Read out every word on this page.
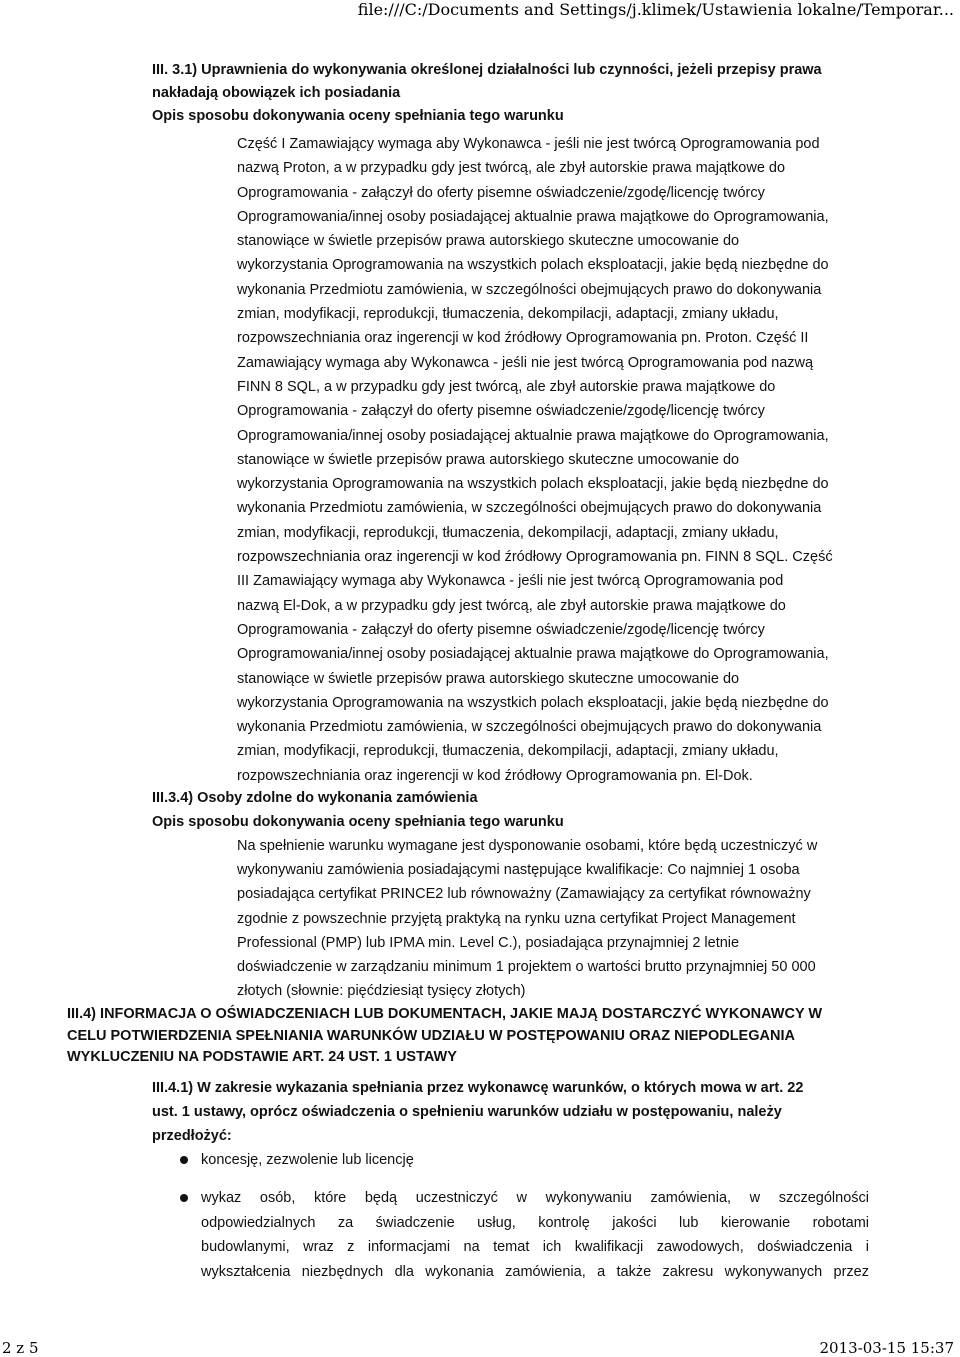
file:///C:/Documents and Settings/j.klimek/Ustawienia lokalne/Temporar...
III. 3.1) Uprawnienia do wykonywania określonej działalności lub czynności, jeżeli przepisy prawa
nakładają obowiązek ich posiadania
Opis sposobu dokonywania oceny spełniania tego warunku
Część I Zamawiający wymaga aby Wykonawca - jeśli nie jest twórcą Oprogramowania pod
nazwą Proton, a w przypadku gdy jest twórcą, ale zbył autorskie prawa majątkowe do
Oprogramowania - załączył do oferty pisemne oświadczenie/zgodę/licencję twórcy
Oprogramowania/innej osoby posiadającej aktualnie prawa majątkowe do Oprogramowania,
stanowiące w świetle przepisów prawa autorskiego skuteczne umocowanie do
wykorzystania Oprogramowania na wszystkich polach eksploatacji, jakie będą niezbędne do
wykonania Przedmiotu zamówienia, w szczególności obejmujących prawo do dokonywania
zmian, modyfikacji, reprodukcji, tłumaczenia, dekompilacji, adaptacji, zmiany układu,
rozpowszechniania oraz ingerencji w kod źródłowy Oprogramowania pn. Proton. Część II
Zamawiający wymaga aby Wykonawca - jeśli nie jest twórcą Oprogramowania pod nazwą
FINN 8 SQL, a w przypadku gdy jest twórcą, ale zbył autorskie prawa majątkowe do
Oprogramowania - załączył do oferty pisemne oświadczenie/zgodę/licencję twórcy
Oprogramowania/innej osoby posiadającej aktualnie prawa majątkowe do Oprogramowania,
stanowiące w świetle przepisów prawa autorskiego skuteczne umocowanie do
wykorzystania Oprogramowania na wszystkich polach eksploatacji, jakie będą niezbędne do
wykonania Przedmiotu zamówienia, w szczególności obejmujących prawo do dokonywania
zmian, modyfikacji, reprodukcji, tłumaczenia, dekompilacji, adaptacji, zmiany układu,
rozpowszechniania oraz ingerencji w kod źródłowy Oprogramowania pn. FINN 8 SQL. Część
III Zamawiający wymaga aby Wykonawca - jeśli nie jest twórcą Oprogramowania pod
nazwą El-Dok, a w przypadku gdy jest twórcą, ale zbył autorskie prawa majątkowe do
Oprogramowania - załączył do oferty pisemne oświadczenie/zgodę/licencję twórcy
Oprogramowania/innej osoby posiadającej aktualnie prawa majątkowe do Oprogramowania,
stanowiące w świetle przepisów prawa autorskiego skuteczne umocowanie do
wykorzystania Oprogramowania na wszystkich polach eksploatacji, jakie będą niezbędne do
wykonania Przedmiotu zamówienia, w szczególności obejmujących prawo do dokonywania
zmian, modyfikacji, reprodukcji, tłumaczenia, dekompilacji, adaptacji, zmiany układu,
rozpowszechniania oraz ingerencji w kod źródłowy Oprogramowania pn. El-Dok.
III.3.4) Osoby zdolne do wykonania zamówienia
Opis sposobu dokonywania oceny spełniania tego warunku
Na spełnienie warunku wymagane jest dysponowanie osobami, które będą uczestniczyć w
wykonywaniu zamówienia posiadającymi następujące kwalifikacje: Co najmniej 1 osoba
posiadająca certyfikat PRINCE2 lub równoważny (Zamawiający za certyfikat równoważny
zgodnie z powszechnie przyjętą praktyką na rynku uzna certyfikat Project Management
Professional (PMP) lub IPMA min. Level C.), posiadająca przynajmniej 2 letnie
doświadczenie w zarządzaniu minimum 1 projektem o wartości brutto przynajmniej 50 000
złotych (słownie: pięćdziesiąt tysięcy złotych)
III.4) INFORMACJA O OŚWIADCZENIACH LUB DOKUMENTACH, JAKIE MAJĄ DOSTARCZYĆ WYKONAWCY W
CELU POTWIERDZENIA SPEŁNIANIA WARUNKÓW UDZIAŁU W POSTĘPOWANIU ORAZ NIEPODLEGANIA
WYKLUCZENIU NA PODSTAWIE ART. 24 UST. 1 USTAWY
III.4.1) W zakresie wykazania spełniania przez wykonawcę warunków, o których mowa w art. 22
ust. 1 ustawy, oprócz oświadczenia o spełnieniu warunków udziału w postępowaniu, należy
przedłożyć:
koncesję, zezwolenie lub licencję
wykaz osób, które będą uczestniczyć w wykonywaniu zamówienia, w szczególności
odpowiedzialnych za świadczenie usług, kontrolę jakości lub kierowanie robotami
budowlanymi, wraz z informacjami na temat ich kwalifikacji zawodowych, doświadczenia i
wykształcenia niezbędnych dla wykonania zamówienia, a także zakresu wykonywanych przez
2 z 5	2013-03-15 15:37
